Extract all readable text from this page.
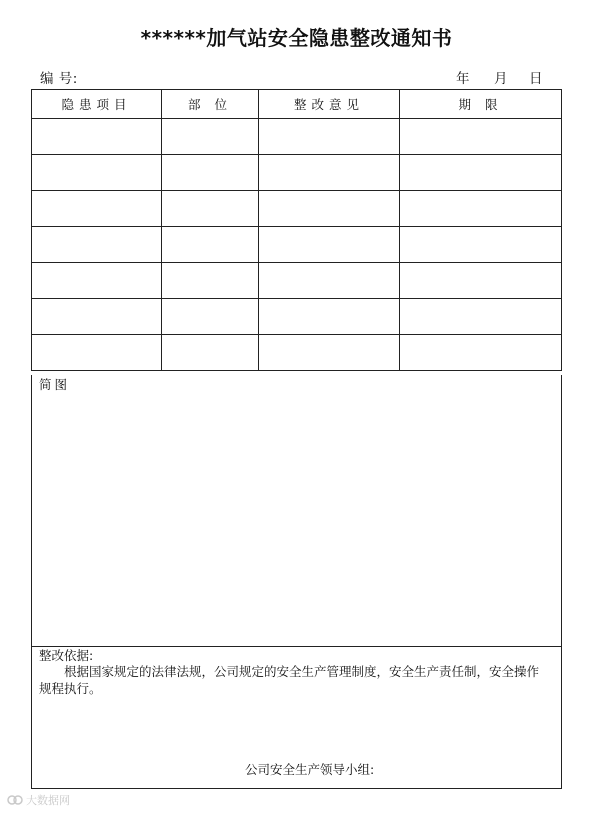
******加气站安全隐患整改通知书
编 号:	年 月 日
隐患项目	部 位	整改意见	期 限

简图
整改依据:
根据国家规定的法律法规，公司规定的安全生产管理制度，安全生产责任制，安全操作规程执行。
公司安全生产领导小组:
大数据网
